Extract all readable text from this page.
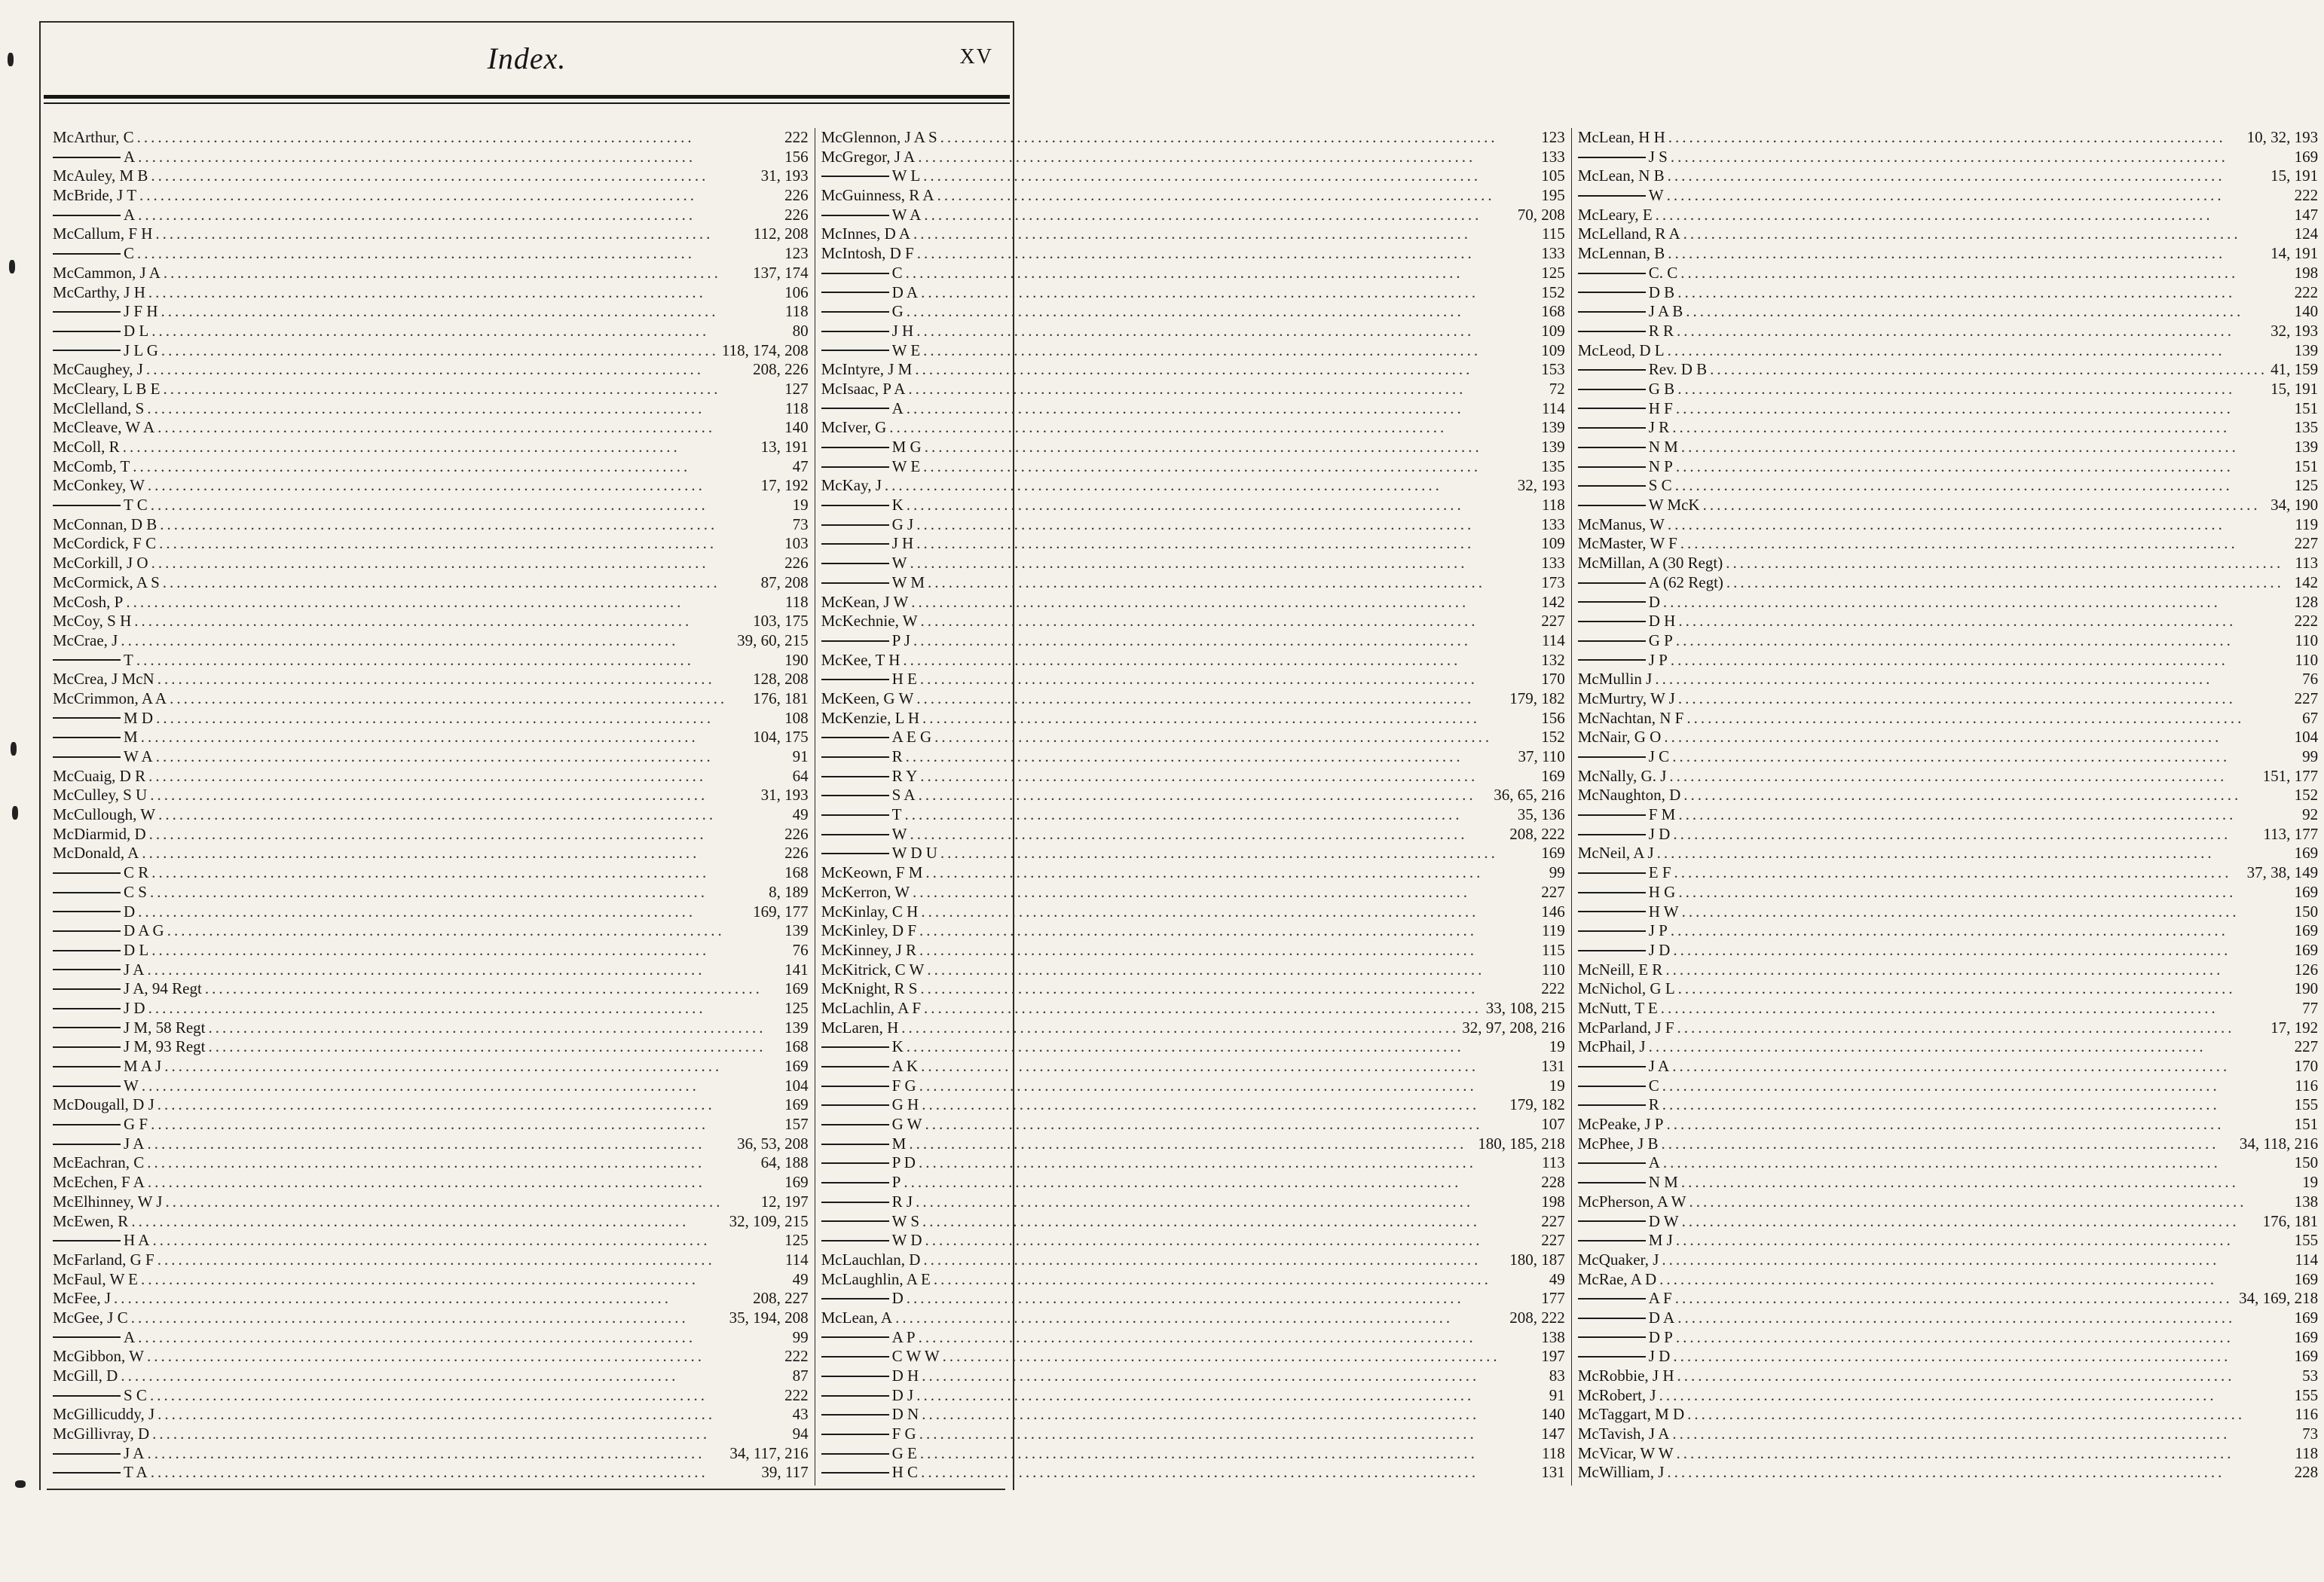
Index.	XV
McArthur, C .....	222
A .....	156
McAuley, M B .....	31, 193
McBride, J T .....	226
A .....	226
McCallum, F H .....	112, 208
C .....	123
McCammon, J A .....	137, 174
McCarthy, J H .....	106
J F H .....	118
D L .....	80
J L G .....	118, 174, 208
McCaughey, J .....	208, 226
McCleary, L B E .....	127
McClelland, S .....	118
McCleave, W A .....	140
McColl, R .....	13, 191
McComb, T .....	47
McConkey, W .....	17, 192
T C .....	19
McConnan, D B .....	73
McCordick, F C .....	103
McCorkill, J O .....	226
McCormick, A S .....	87, 208
McCosh, P .....	118
McCoy, S H .....	103, 175
McCrae, J .....	39, 60, 215
T .....	190
McCrea, J McN .....	128, 208
McCrimmon, A A .....	176, 181
M D .....	108
M .....	104, 175
W A .....	91
McCuaig, D R .....	64
McCulley, S U .....	31, 193
McCullough, W .....	49
McDiarmid, D .....	226
McDonald, A .....	226
C R .....	168
C S .....	8, 189
D .....	169, 177
D A G .....	139
D L .....	76
J A .....	141
J A, 94 Regt .....	169
J D .....	125
J M, 58 Regt .....	139
J M, 93 Regt .....	168
M A J .....	169
W .....	104
McDougall, D J .....	169
G F .....	157
J A .....	36, 53, 208
McEachran, C .....	64, 188
McEchen, F A .....	169
McElhinney, W J .....	12, 197
McEwen, R .....	32, 109, 215
H A .....	125
McFarland, G F .....	114
McFaul, W E .....	49
McFee, J .....	208, 227
McGee, J C .....	35, 194, 208
A .....	99
McGibbon, W .....	222
McGill, D .....	87
S C .....	222
McGillicuddy, J .....	43
McGillivray, D .....	94
J A .....	34, 117, 216
T A .....	39, 117
McGlennon, J A S .....	123
McGregor, J A .....	133
W L .....	105
McGuinness, R A .....	195
W A .....	70, 208
McInnes, D A .....	115
McIntosh, D F .....	133
C .....	125
D A .....	152
G .....	168
J H .....	109
W E .....	109
McIntyre, J M .....	153
McIsaac, P A .....	72
A .....	114
McIver, G .....	139
M G .....	139
W E .....	135
McKay, J .....	32, 193
K .....	118
G J .....	133
J H .....	109
W .....	133
W M .....	173
McKean, J W .....	142
McKechnie, W .....	227
P J .....	114
McKee, T H .....	132
H E .....	170
McKeen, G W .....	179, 182
McKenzie, L H .....	156
A E G .....	152
R .....	37, 110
R Y .....	169
S A .....	36, 65, 216
T .....	35, 136
W .....	208, 222
W D U .....	169
McKeown, F M .....	99
McKerron, W .....	227
McKinlay, C H .....	146
McKinley, D F .....	119
McKinney, J R .....	115
McKitrick, C W .....	110
McKnight, R S .....	222
McLachlin, A F .....	33, 108, 215
McLaren, H .....	32, 97, 208, 216
K .....	19
A K .....	131
F G .....	19
G H .....	179, 182
G W .....	107
M .....	180, 185, 218
P D .....	113
P .....	228
R J .....	198
W S .....	227
W D .....	227
McLauchlan, D .....	180, 187
McLaughlin, A E .....	49
D .....	177
McLean, A .....	208, 222
A P .....	138
C W W .....	197
D H .....	83
D J .....	91
D N .....	140
F G .....	147
G E .....	118
H C .....	131
McLean, H H .....	10, 32, 193
J S .....	169
McLean, N B .....	15, 191
W .....	222
McLeary, E .....	147
McLelland, R A .....	124
McLennan, B .....	14, 191
C. C .....	198
D B .....	222
J A B .....	140
R R .....	32, 193
McLeod, D L .....	139
Rev. D B .....	41, 159
G B .....	15, 191
H F .....	151
J R .....	135
N M .....	139
N P .....	151
S C .....	125
W McK .....	34, 190
McManus, W .....	119
McMaster, W F .....	227
McMillan, A (30 Regt) .....	113
A (62 Regt) .....	142
D .....	128
D H .....	222
G P .....	110
J P .....	110
McMullin J .....	76
McMurtry, W J .....	227
McNachtan, N F .....	67
McNair, G O .....	104
J C .....	99
McNally, G. J .....	151, 177
McNaughton, D .....	152
F M .....	92
J D .....	113, 177
McNeil, A J .....	169
E F .....	37, 38, 149
H G .....	169
H W .....	150
J P .....	169
J D .....	169
McNeill, E R .....	126
McNichol, G L .....	190
McNutt, T E .....	77
McParland, J F .....	17, 192
McPhail, J .....	227
J A .....	170
C .....	116
R .....	155
McPeake, J P .....	151
McPhee, J B .....	34, 118, 216
A .....	150
N M .....	19
McPherson, A W .....	138
D W .....	176, 181
M J .....	155
McQuaker, J .....	114
McRae, A D .....	169
A F .....	34, 169, 218
D A .....	169
D P .....	169
J D .....	169
McRobbie, J H .....	53
McRobert, J .....	155
McTaggart, M D .....	116
McTavish, J A .....	73
McVicar, W W .....	118
McWilliam, J .....	228
